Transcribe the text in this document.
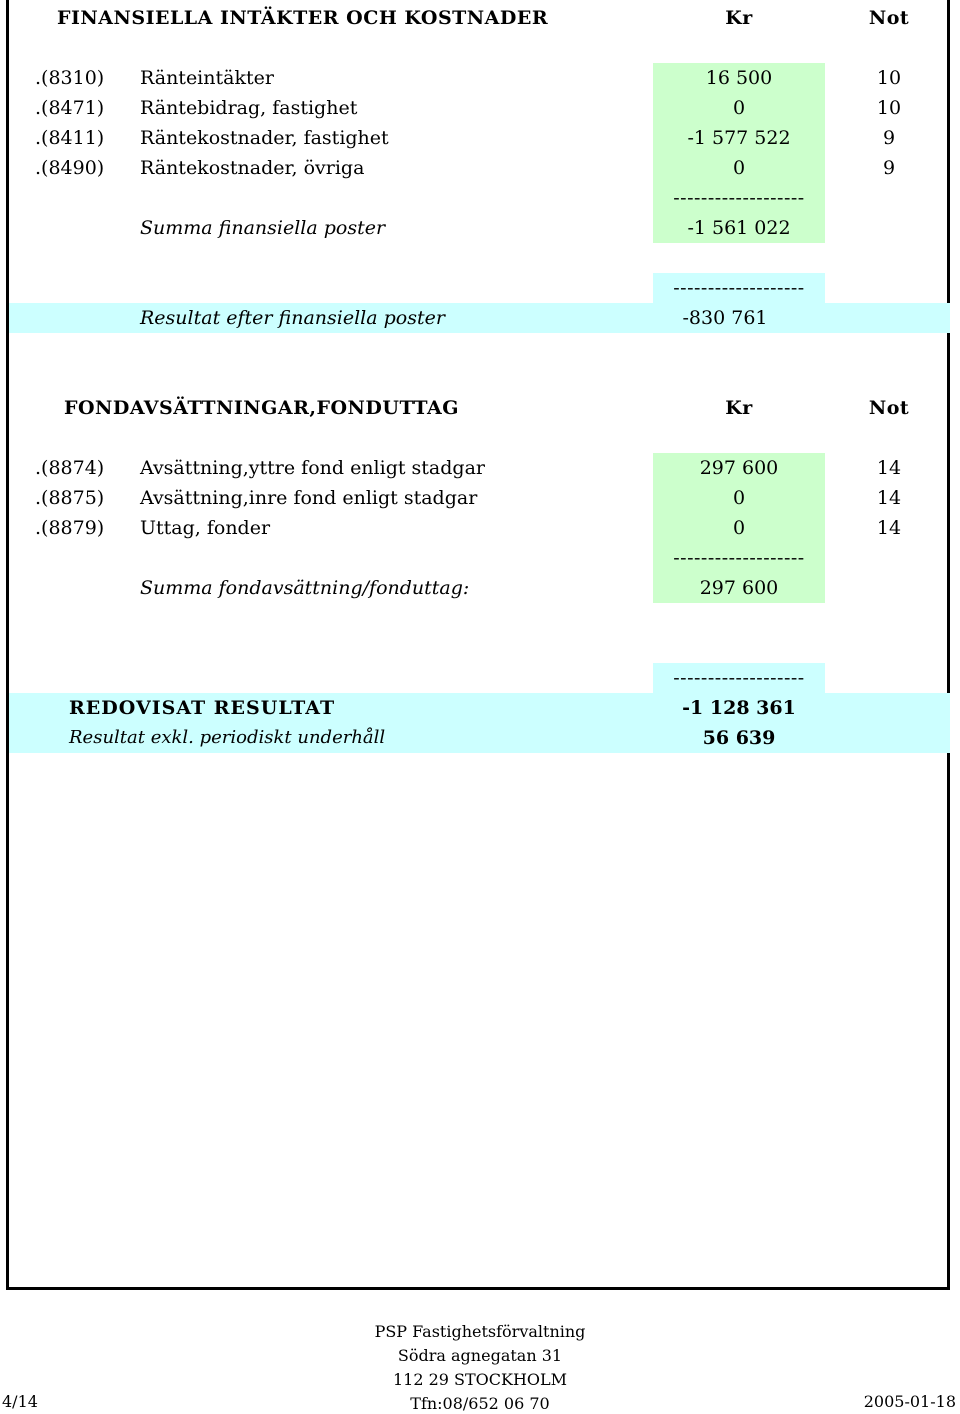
FINANSIELLA INTÄKTER OCH KOSTNADER	Kr	Not
.(8310) Ränteintäkter	16 500	10
.(8471) Räntebidrag, fastighet	0	10
.(8411) Räntekostnader, fastighet	-1 577 522	9
.(8490) Räntekostnader, övriga	0	9
-------------------
Summa finansiella poster	-1 561 022
-------------------
Resultat efter finansiella poster	-830 761
FONDAVSÄTTNINGAR,FONDUTTAG	Kr	Not
.(8874) Avsättning,yttre fond enligt stadgar	297 600	14
.(8875) Avsättning,inre fond enligt stadgar	0	14
.(8879) Uttag, fonder	0	14
-------------------
Summa fondavsättning/fonduttag:	297 600
-------------------
REDOVISAT RESULTAT	-1 128 361
Resultat exkl. periodiskt underhåll	56 639
PSP Fastighetsförvaltning
Södra agnegatan 31
112 29 STOCKHOLM
Tfn:08/652 06 70
4/14	2005-01-18
